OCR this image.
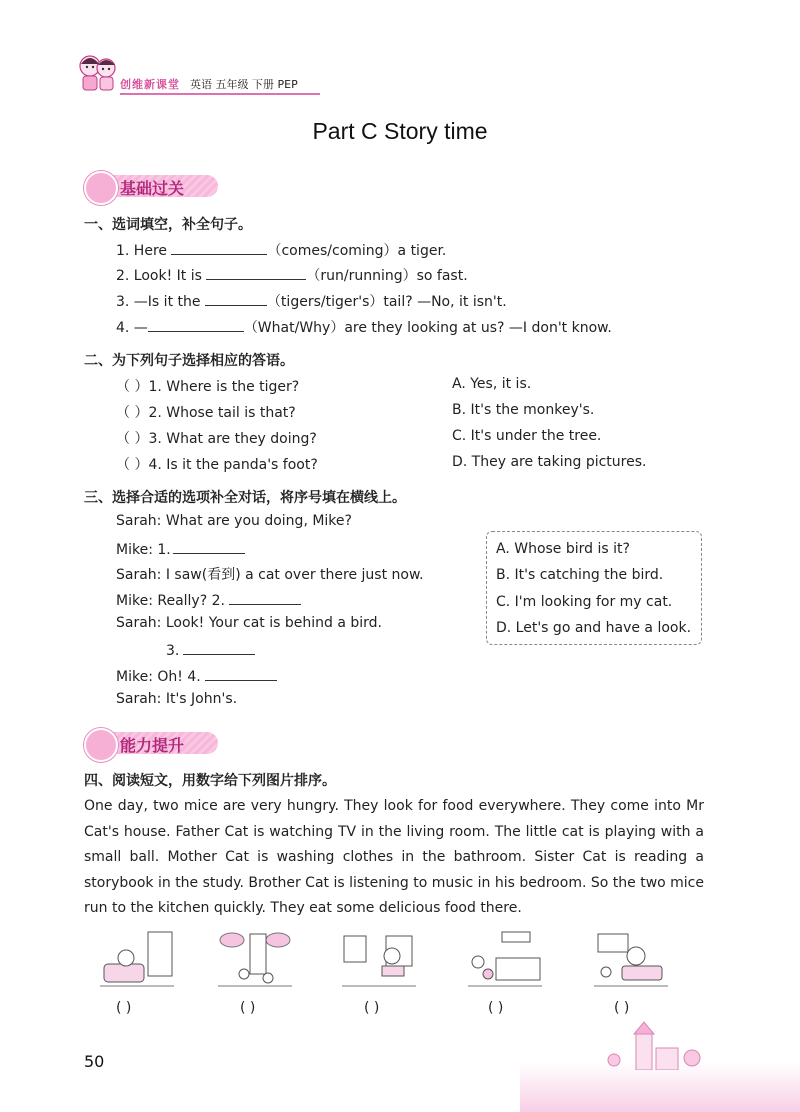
创维新课堂 英语 五年级 下册 PEP
Part C Story time
基础过关
一、选词填空，补全句子。
1. Here	（comes/coming）a tiger.
2. Look! It is	（run/running）so fast.
3. —Is it the	（tigers/tiger's）tail? —No, it isn't.
4. —	（What/Why）are they looking at us? —I don't know.
二、为下列句子选择相应的答语。
（ ）1. Where is the tiger?	A. Yes, it is.
（ ）2. Whose tail is that?	B. It's the monkey's.
（ ）3. What are they doing?	C. It's under the tree.
（ ）4. Is it the panda's foot?	D. They are taking pictures.
三、选择合适的选项补全对话，将序号填在横线上。
Sarah: What are you doing, Mike?
Mike: 1.
Sarah: I saw(看到) a cat over there just now.
Mike: Really? 2.
Sarah: Look! Your cat is behind a bird.
3.
Mike: Oh! 4.
Sarah: It's John's.
A. Whose bird is it?
B. It's catching the bird.
C. I'm looking for my cat.
D. Let's go and have a look.
能力提升
四、阅读短文，用数字给下列图片排序。
One day, two mice are very hungry. They look for food everywhere. They come into Mr Cat's house. Father Cat is watching TV in the living room. The little cat is playing with a small ball. Mother Cat is washing clothes in the bathroom. Sister Cat is reading a storybook in the study. Brother Cat is listening to music in his bedroom. So the two mice run to the kitchen quickly. They eat some delicious food there.
( )	( )	( )	( )	( )
50
